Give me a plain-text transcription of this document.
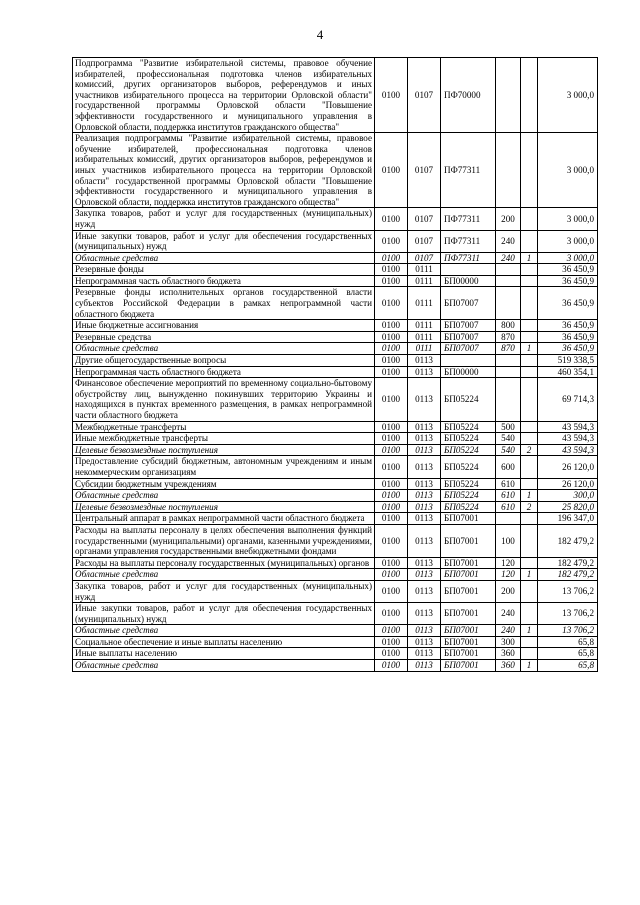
4
Подпрограмма "Развитие избирательной системы, правовое обучение избирателей, профессиональная подготовка членов избирательных комиссий, других организаторов выборов, референдумов и иных участников избирательного процесса на территории Орловской области" государственной программы Орловской области "Повышение эффективности государственного и муниципального управления в Орловской области, поддержка институтов гражданского общества"	0100	0107	ПФ70000			3 000,0
Реализация подпрограммы "Развитие избирательной системы, правовое обучение избирателей, профессиональная подготовка членов избирательных комиссий, других организаторов выборов, референдумов и иных участников избирательного процесса на территории Орловской области" государственной программы Орловской области "Повышение эффективности государственного и муниципального управления в Орловской области, поддержка институтов гражданского общества"	0100	0107	ПФ77311			3 000,0
Закупка товаров, работ и услуг для государственных (муниципальных) нужд	0100	0107	ПФ77311	200		3 000,0
Иные закупки товаров, работ и услуг для обеспечения государственных (муниципальных) нужд	0100	0107	ПФ77311	240		3 000,0
Областные средства	0100	0107	ПФ77311	240	1	3 000,0
Резервные фонды	0100	0111				36 450,9
Непрограммная часть областного бюджета	0100	0111	БП00000			36 450,9
Резервные фонды исполнительных органов государственной власти субъектов Российской Федерации в рамках непрограммной части областного бюджета	0100	0111	БП07007			36 450,9
Иные бюджетные ассигнования	0100	0111	БП07007	800		36 450,9
Резервные средства	0100	0111	БП07007	870		36 450,9
Областные средства	0100	0111	БП07007	870	1	36 450,9
Другие общегосударственные вопросы	0100	0113				519 338,5
Непрограммная часть областного бюджета	0100	0113	БП00000			460 354,1
Финансовое обеспечение мероприятий по временному социально-бытовому обустройству лиц, вынужденно покинувших территорию Украины и находящихся в пунктах временного размещения, в рамках непрограммной части областного бюджета	0100	0113	БП05224			69 714,3
Межбюджетные трансферты	0100	0113	БП05224	500		43 594,3
Иные межбюджетные трансферты	0100	0113	БП05224	540		43 594,3
Целевые безвозмездные поступления	0100	0113	БП05224	540	2	43 594,3
Предоставление субсидий бюджетным, автономным учреждениям и иным некоммерческим организациям	0100	0113	БП05224	600		26 120,0
Субсидии бюджетным учреждениям	0100	0113	БП05224	610		26 120,0
Областные средства	0100	0113	БП05224	610	1	300,0
Целевые безвозмездные поступления	0100	0113	БП05224	610	2	25 820,0
Центральный аппарат в рамках непрограммной части областного бюджета	0100	0113	БП07001			196 347,0
Расходы на выплаты персоналу в целях обеспечения выполнения функций государственными (муниципальными) органами, казенными учреждениями, органами управления государственными внебюджетными фондами	0100	0113	БП07001	100		182 479,2
Расходы на выплаты персоналу государственных (муниципальных) органов	0100	0113	БП07001	120		182 479,2
Областные средства	0100	0113	БП07001	120	1	182 479,2
Закупка товаров, работ и услуг для государственных (муниципальных) нужд	0100	0113	БП07001	200		13 706,2
Иные закупки товаров, работ и услуг для обеспечения государственных (муниципальных) нужд	0100	0113	БП07001	240		13 706,2
Областные средства	0100	0113	БП07001	240	1	13 706,2
Социальное обеспечение и иные выплаты населению	0100	0113	БП07001	300		65,8
Иные выплаты населению	0100	0113	БП07001	360		65,8
Областные средства	0100	0113	БП07001	360	1	65,8
